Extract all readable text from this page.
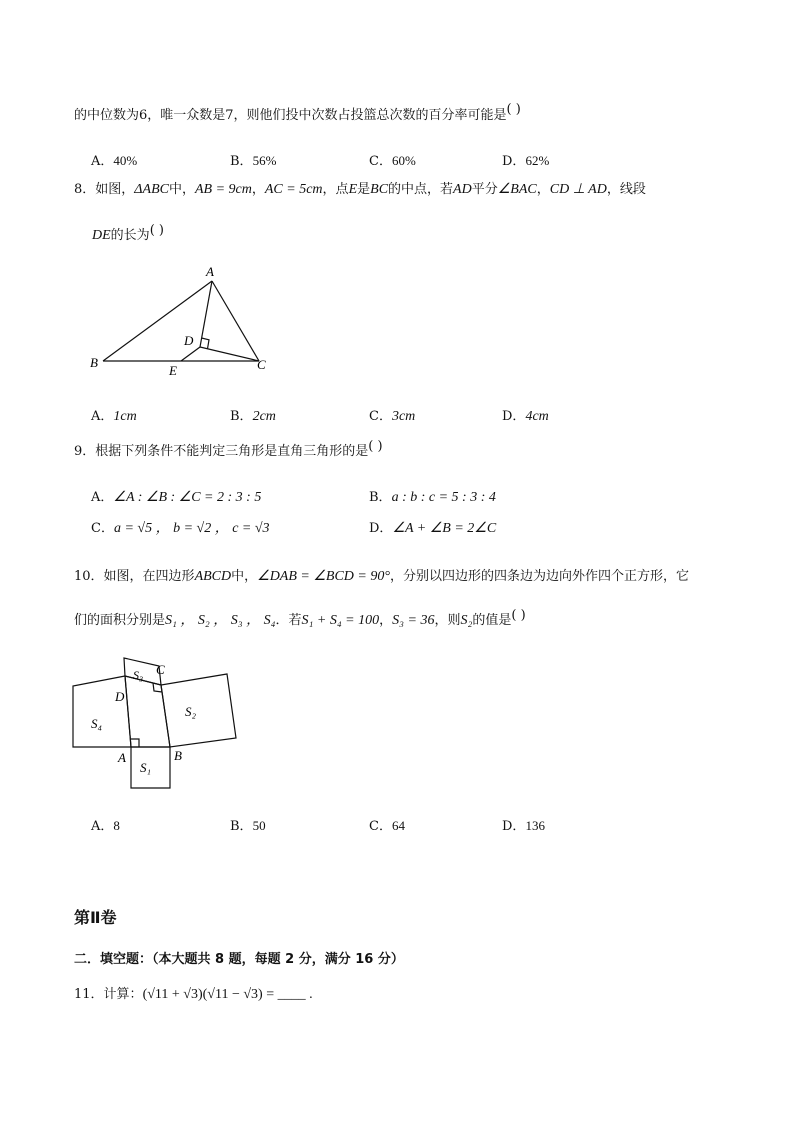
的中位数为6，唯一众数是7，则他们投中次数占投篮总次数的百分率可能是( )
A．40%	B．56%	C．60%	D．62%
8．如图，ΔABC中，AB = 9cm，AC = 5cm，点E是BC的中点，若AD平分∠BAC，CD ⊥ AD，线段
DE的长为( )
A
B	C
D
E
A．1cm	B．2cm	C．3cm	D．4cm
9．根据下列条件不能判定三角形是直角三角形的是( )
A．∠A : ∠B : ∠C = 2 : 3 : 5	B．a : b : c = 5 : 3 : 4
C．a = √5 ， b = √2 ， c = √3	D．∠A + ∠B = 2∠C
10．如图，在四边形ABCD中，∠DAB = ∠BCD = 90°，分别以四边形的四条边为边向外作四个正方形，它
们的面积分别是S₁ ， S₂ ， S₃ ， S₄．若S₁ + S₄ = 100，S₃ = 36，则S₂的值是( )
S₄
S₁
S₃
S₂
A	B
C
D
A．8	B．50	C．64	D．136
第Ⅱ卷
二．填空题：（本大题共 8 题，每题 2 分，满分 16 分）
11．计算：(√11 + √3)(√11 − √3) = ____ .
